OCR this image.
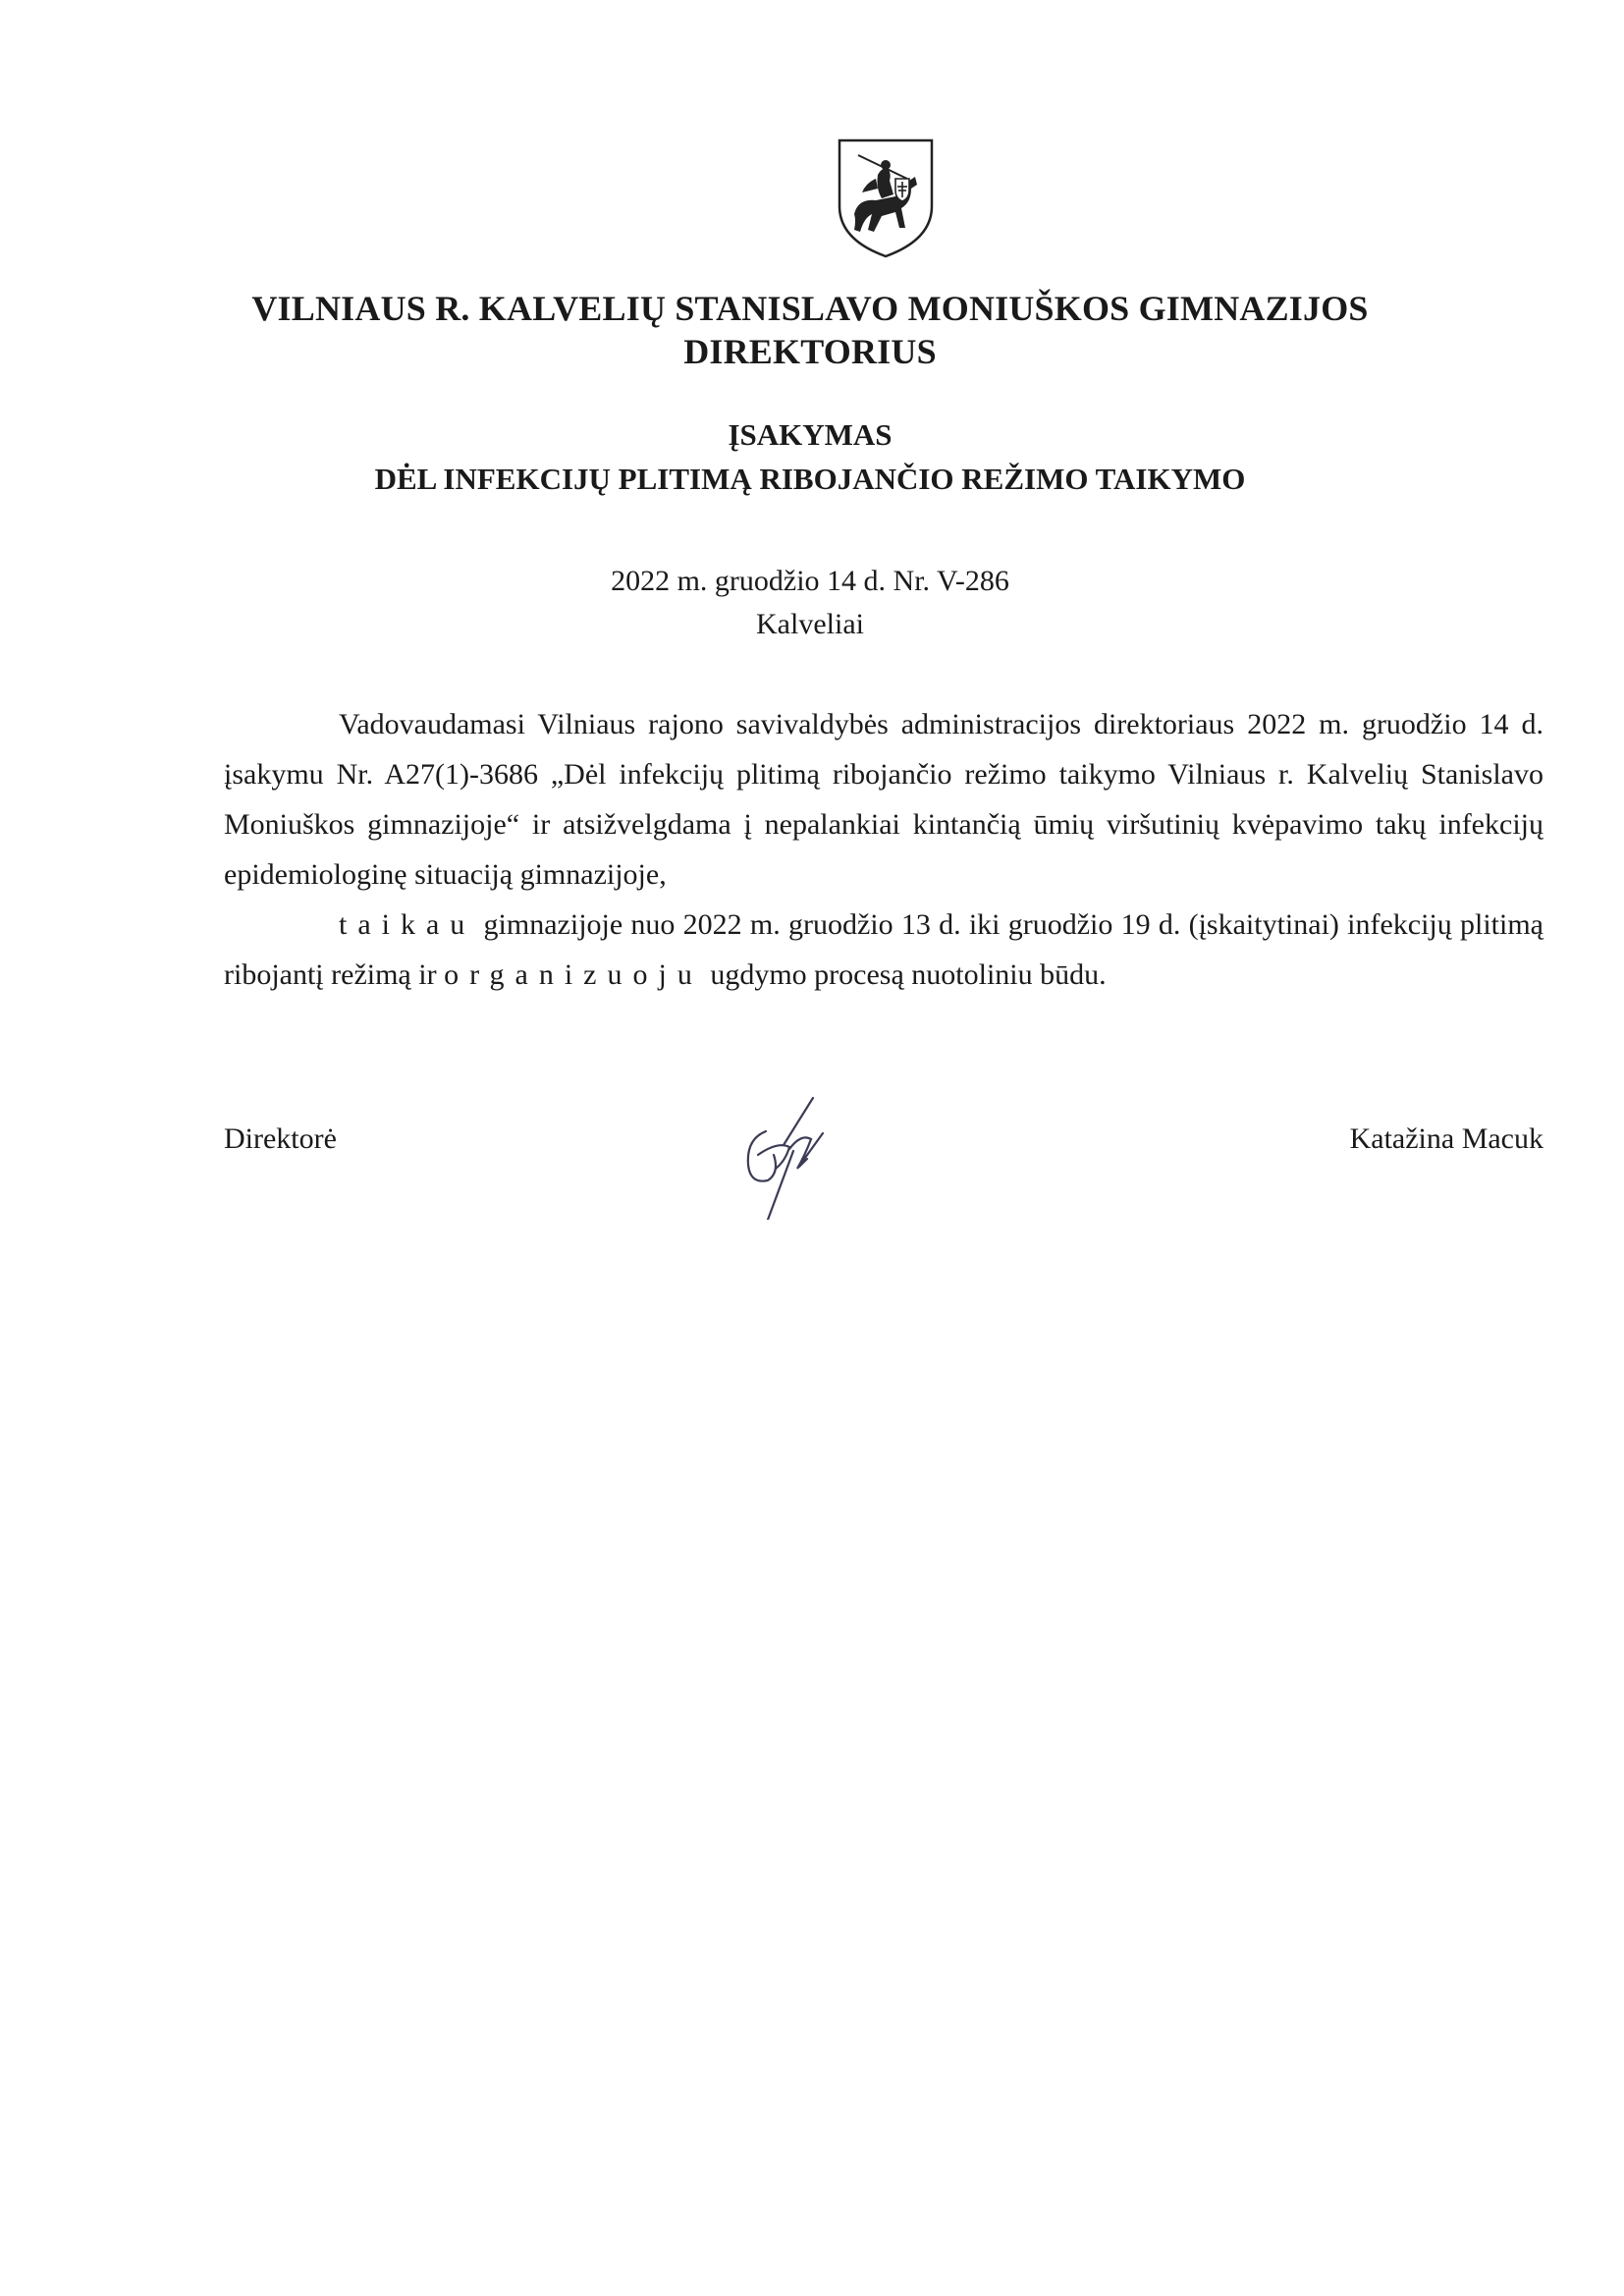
VILNIAUS R. KALVELIŲ STANISLAVO MONIUŠKOS GIMNAZIJOS
DIREKTORIUS
ĮSAKYMAS
DĖL INFEKCIJŲ PLITIMĄ RIBOJANČIO REŽIMO TAIKYMO
2022 m. gruodžio 14 d. Nr. V-286
Kalveliai

Vadovaudamasi Vilniaus rajono savivaldybės administracijos direktoriaus 2022 m. gruodžio 14 d. įsakymu Nr. A27(1)-3686 „Dėl infekcijų plitimą ribojančio režimo taikymo Vilniaus r. Kalvelių Stanislavo Moniuškos gimnazijoje“ ir atsižvelgdama į nepalankiai kintančią ūmių viršutinių kvėpavimo takų infekcijų epidemiologinę situaciją gimnazijoje,

taikau gimnazijoje nuo 2022 m. gruodžio 13 d. iki gruodžio 19 d. (įskaitytinai) infekcijų plitimą ribojantį režimą ir organizuoju ugdymo procesą nuotoliniu būdu.

Direktorė	Katažina Macuk
